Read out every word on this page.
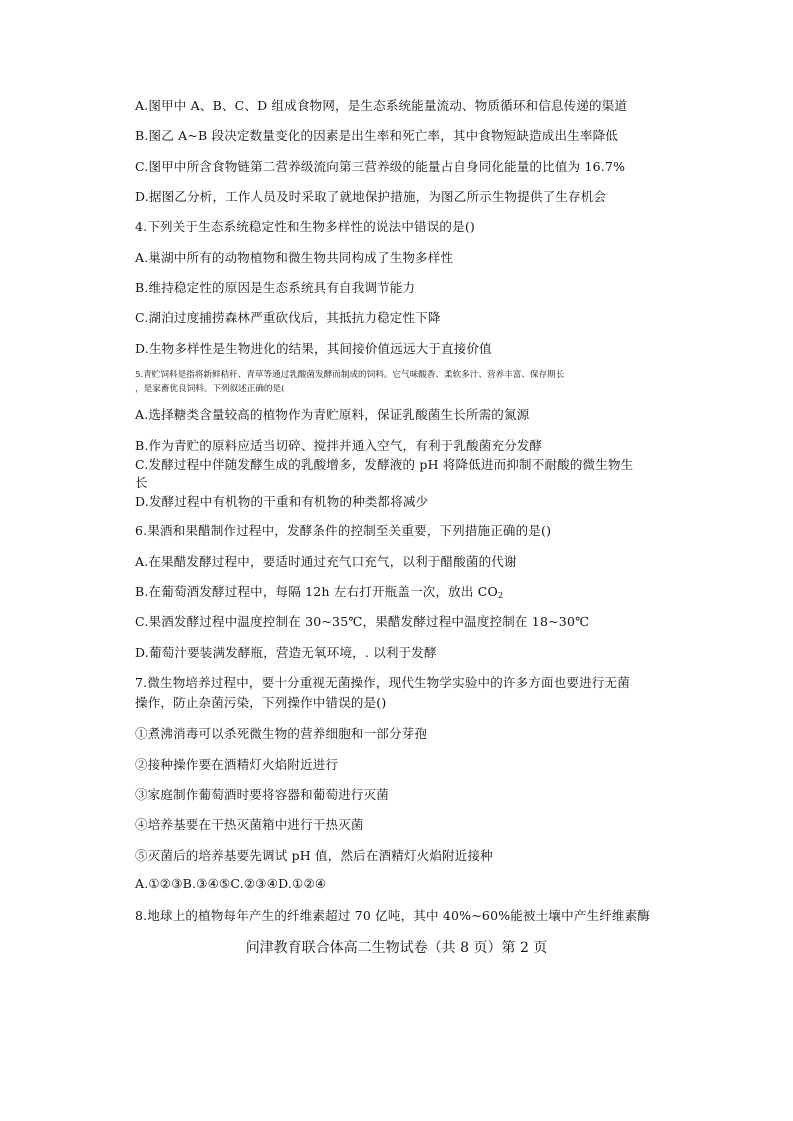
A.图甲中 A、B、C、D 组成食物网，是生态系统能量流动、物质循环和信息传递的渠道
B.图乙 A~B 段决定数量变化的因素是出生率和死亡率，其中食物短缺造成出生率降低
C.图甲中所含食物链第二营养级流向第三营养级的能量占自身同化能量的比值为 16.7%
D.据图乙分析，工作人员及时采取了就地保护措施，为图乙所示生物提供了生存机会
4.下列关于生态系统稳定性和生物多样性的说法中错误的是()
A.巢湖中所有的动物植物和微生物共同构成了生物多样性
B.维持稳定性的原因是生态系统具有自我调节能力
C.湖泊过度捕捞森林严重砍伐后，其抵抗力稳定性下降
D.生物多样性是生物进化的结果，其间接价值远远大于直接价值
5.青贮饲料是指将新鲜秸秆、青草等通过乳酸菌发酵而制成的饲料。它气味酸香、柔软多汁、营养丰富、保存期长
，是家畜优良饲料。下列叙述正确的是(
A.选择糖类含量较高的植物作为青贮原料，保证乳酸菌生长所需的氮源
B.作为青贮的原料应适当切碎、搅拌并通入空气，有利于乳酸菌充分发酵
C.发酵过程中伴随发酵生成的乳酸增多，发酵液的 pH 将降低进而抑制不耐酸的微生物生
长
D.发酵过程中有机物的干重和有机物的种类都将减少
6.果酒和果醋制作过程中，发酵条件的控制至关重要，下列措施正确的是()
A.在果醋发酵过程中，要适时通过充气口充气，以利于醋酸菌的代谢
B.在葡萄酒发酵过程中，每隔 12h 左右打开瓶盖一次，放出 $CO_2$
C.果酒发酵过程中温度控制在 30~35℃，果醋发酵过程中温度控制在 18~30℃
D.葡萄汁要装满发酵瓶，营造无氧环境，. 以利于发酵
7.微生物培养过程中，要十分重视无菌操作，现代生物学实验中的许多方面也要进行无菌
操作，防止杂菌污染，下列操作中错误的是()
①煮沸消毒可以杀死微生物的营养细胞和一部分芽孢
②接种操作要在酒精灯火焰附近进行
③家庭制作葡萄酒时要将容器和葡萄进行灭菌
④培养基要在干热灭菌箱中进行干热灭菌
⑤灭菌后的培养基要先调试 pH 值，然后在酒精灯火焰附近接种
A.①②③B.③④⑤C.②③④D.①②④
8.地球上的植物每年产生的纤维素超过 70 亿吨，其中 40%~60%能被土壤中产生纤维素酶
问津教育联合体高二生物试卷（共 8 页）第 2 页
